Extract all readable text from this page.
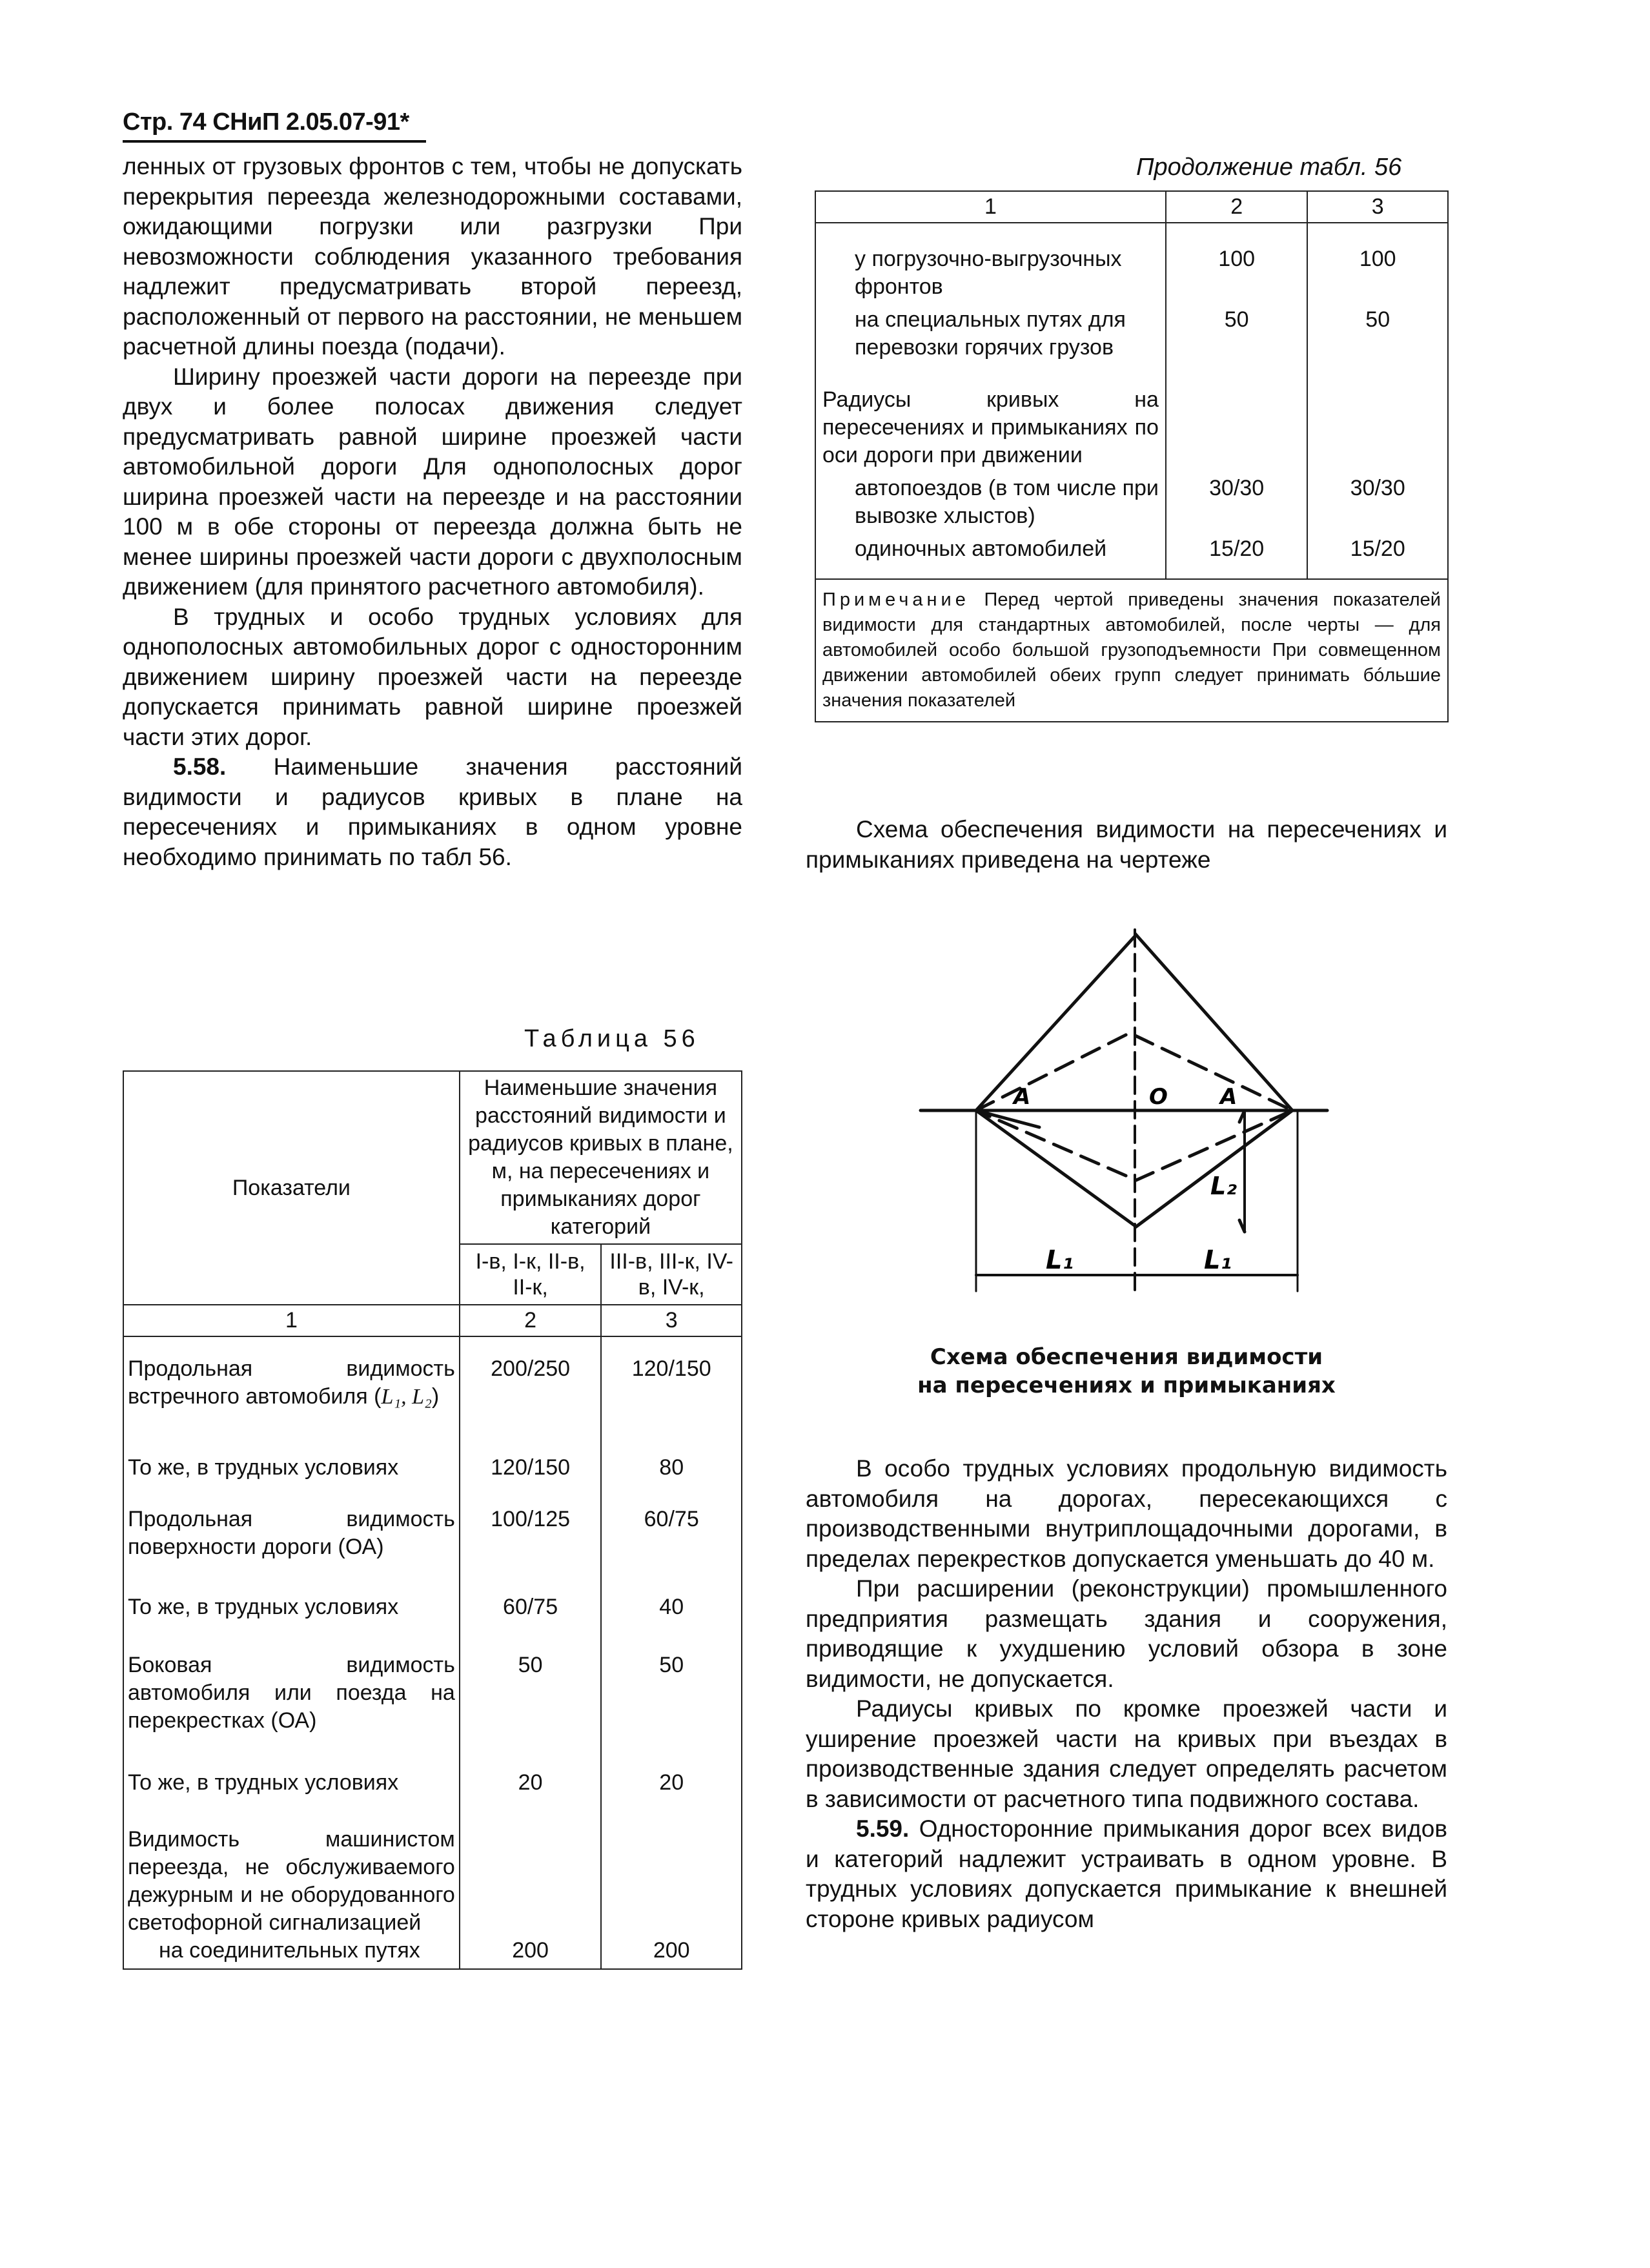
Стр. 74 СНиП 2.05.07-91*

ленных от грузовых фронтов с тем, чтобы не допускать перекрытия переезда железнодорожными составами, ожидающими погрузки или разгрузки При невозможности соблюдения указанного требования надлежит предусматривать второй переезд, расположенный от первого на расстоянии, не меньшем расчетной длины поезда (подачи).

Ширину проезжей части дороги на переезде при двух и более полосах движения следует предусматривать равной ширине проезжей части автомобильной дороги Для однополосных дорог ширина проезжей части на переезде и на расстоянии 100 м в обе стороны от переезда должна быть не менее ширины проезжей части дороги с двухполосным движением (для принятого расчетного автомобиля).

В трудных и особо трудных условиях для однополосных автомобильных дорог с односторонним движением ширину проезжей части на переезде допускается принимать равной ширине проезжей части этих дорог.

5.58. Наименьшие значения расстояний видимости и радиусов кривых в плане на пересечениях и примыканиях в одном уровне необходимо принимать по табл 56.

Таблица 56
Показатели	Наименьшие значения расстояний видимости и радиусов кривых в плане, м, на пересечениях и примыканиях дорог категорий	
	I-в, I-к, II-в, II-к,	III-в, III-к, IV-в, IV-к,
1	2	3
Продольная видимость встречного автомобиля (L₁, L₂)	200/250	120/150
То же, в трудных условиях	120/150	80
Продольная видимость поверхности дороги (ОА)	100/125	60/75
То же, в трудных условиях	60/75	40
Боковая видимость автомобиля или поезда на перекрестках (ОА)	50	50
То же, в трудных условиях	20	20

Видимость машинистом переезда, не обслуживаемого дежурным и не оборудованного светофорной сигнализацией
на соединительных путях	200	200
Продолжение табл. 56
1	2	3
у погрузочно-выгрузочных фронтов	100	100
на специальных путях для перевозки горячих грузов	50	50
Радиусы кривых на пересечениях и примыканиях по оси дороги при движении		
автопоездов (в том числе при вывозке хлыстов)	30/30	30/30
одиночных автомобилей	15/20	15/20
Примечание Перед чертой приведены значения показателей видимости для стандартных автомобилей, после черты — для автомобилей особо большой грузоподъемности При совмещенном движении автомобилей обеих групп следует принимать бóльшие значения показателей		

Схема обеспечения видимости на пересечениях и примыканиях приведена на чертеже

А	О А
L₂
L₁	L₁
Схема обеспечения видимости
на пересечениях и примыканиях

В особо трудных условиях продольную видимость автомобиля на дорогах, пересекающихся с производственными внутриплощадочными дорогами, в пределах перекрестков допускается уменьшать до 40 м.

При расширении (реконструкции) промышленного предприятия размещать здания и сооружения, приводящие к ухудшению условий обзора в зоне видимости, не допускается.

Радиусы кривых по кромке проезжей части и уширение проезжей части на кривых при въездах в производственные здания следует определять расчетом в зависимости от расчетного типа подвижного состава.

5.59. Односторонние примыкания дорог всех видов и категорий надлежит устраивать в одном уровне. В трудных условиях допускается примыкание к внешней стороне кривых радиусом
